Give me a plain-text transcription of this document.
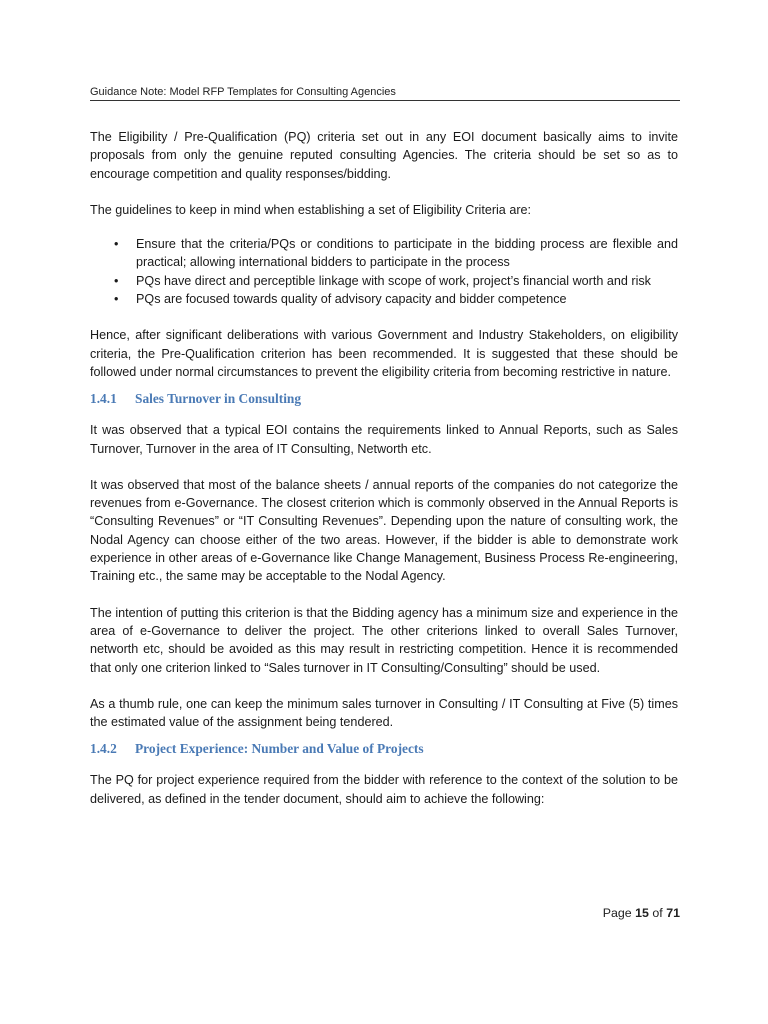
Guidance Note: Model RFP Templates for Consulting Agencies

The Eligibility / Pre-Qualification (PQ) criteria set out in any EOI document basically aims to invite proposals from only the genuine reputed consulting Agencies. The criteria should be set so as to encourage competition and quality responses/bidding.

The guidelines to keep in mind when establishing a set of Eligibility Criteria are:

• Ensure that the criteria/PQs or conditions to participate in the bidding process are flexible and practical; allowing international bidders to participate in the process
• PQs have direct and perceptible linkage with scope of work, project’s financial worth and risk
• PQs are focused towards quality of advisory capacity and bidder competence

Hence, after significant deliberations with various Government and Industry Stakeholders, on eligibility criteria, the Pre-Qualification criterion has been recommended. It is suggested that these should be followed under normal circumstances to prevent the eligibility criteria from becoming restrictive in nature.

1.4.1 Sales Turnover in Consulting

It was observed that a typical EOI contains the requirements linked to Annual Reports, such as Sales Turnover, Turnover in the area of IT Consulting, Networth etc.

It was observed that most of the balance sheets / annual reports of the companies do not categorize the revenues from e-Governance. The closest criterion which is commonly observed in the Annual Reports is “Consulting Revenues” or “IT Consulting Revenues”. Depending upon the nature of consulting work, the Nodal Agency can choose either of the two areas. However, if the bidder is able to demonstrate work experience in other areas of e-Governance like Change Management, Business Process Re-engineering, Training etc., the same may be acceptable to the Nodal Agency.

The intention of putting this criterion is that the Bidding agency has a minimum size and experience in the area of e-Governance to deliver the project. The other criterions linked to overall Sales Turnover, networth etc, should be avoided as this may result in restricting competition. Hence it is recommended that only one criterion linked to “Sales turnover in IT Consulting/Consulting” should be used.

As a thumb rule, one can keep the minimum sales turnover in Consulting / IT Consulting at Five (5) times the estimated value of the assignment being tendered.

1.4.2 Project Experience: Number and Value of Projects

The PQ for project experience required from the bidder with reference to the context of the solution to be delivered, as defined in the tender document, should aim to achieve the following:

Page 15 of 71
